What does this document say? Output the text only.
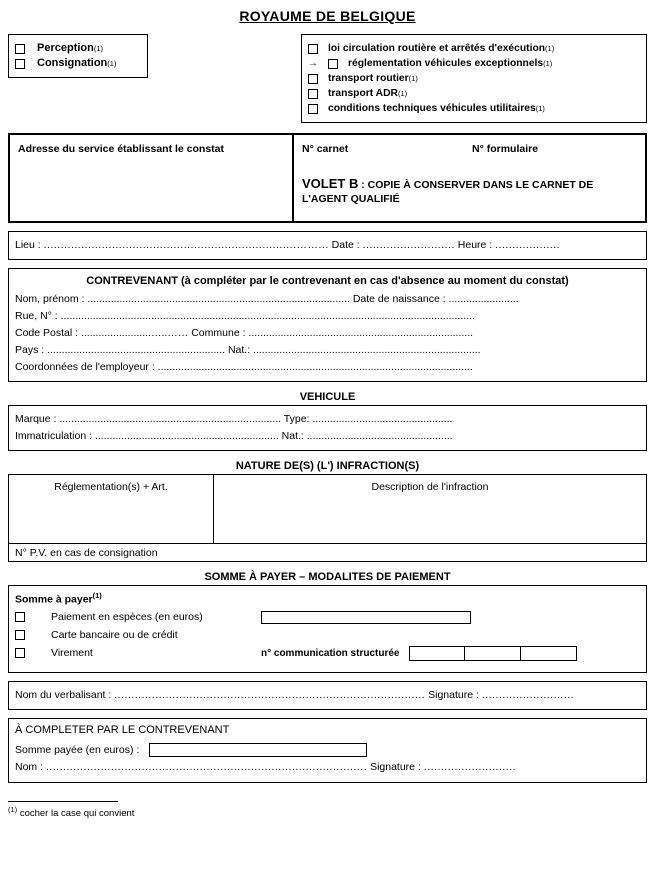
ROYAUME DE BELGIQUE
Perception (1)
Consignation (1)
loi circulation routière et arrêtés d'exécution (1)
→	réglementation véhicules exceptionnels (1)
transport routier (1)
transport ADR (1)
conditions techniques véhicules utilitaires (1)
Adresse du service établissant le constat	N° carnet	N° formulaire
VOLET B : COPIE À CONSERVER DANS LE CARNET DE
L'AGENT QUALIFIÉ
Lieu : ..........................................................................……... Date : ........................... Heure : ...................
CONTREVENANT (à compléter par le contrevenant en cas d'absence au moment du constat)
Nom, prénom : .......................................................................................... Date de naissance : ........................
Rue, N° : ..............................................................................................................................................
Code Postal : ........................…..…… Commune : .............................................................................
Pays : ............................................................. Nat.: ..............................................................................
Coordonnées de l'employeur : ............................................................................................................
VEHICULE
Marque : ............................................................................ Type: ................................................
Immatriculation : ............................................................... Nat.: ..................................................
NATURE DE(S) (L') INFRACTION(S)
Réglementation(s) + Art.	Description de l'infraction
N° P.V. en cas de consignation
SOMME À PAYER – MODALITES DE PAIEMENT
Somme à payer$^{(1)}$
Paiement en espèces (en euros)
Carte bancaire ou de crédit
Virement	n° communication structurée
Nom du verbalisant : ........................................................................................... Signature : ...........................
À COMPLETER PAR LE CONTREVENANT
Somme payée (en euros) :
Nom : .............................................................................................. Signature : ...........................
$^{(1)}$ cocher la case qui convient
